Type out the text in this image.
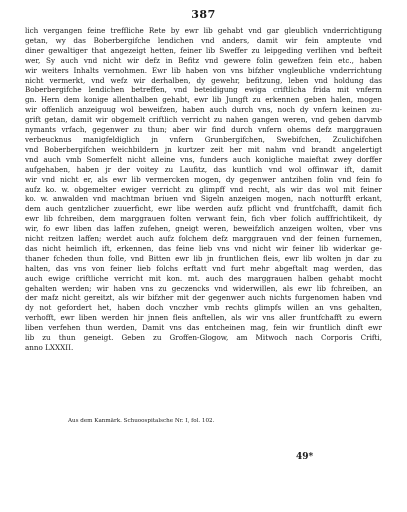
387
lich vergangen feine treffliche Rete by ewr lib gehabt vnd gar gleublich vnderrichtigung
getan, wy das Boberbergifche lendichen vnd anders, damit wir fein ampteute vnd
diner gewaltiger that angezeigt hetten, feiner lib Sweffer zu leipgeding verlihen vnd befteit
wer, Sy auch vnd nicht wir defz in Befitz vnd gewere folin gewefzen fein etc., haben
wir weiters Inhalts vernohmen. Ewr lib haben von vns bifzher vngleubliche vnderrichtung
nicht vermerkt, vnd wefz wir derhalben, dy gewehr, befitzung, leben vnd holdung das
Boberbergifche lendichen betreffen, vnd beteidigung ewiga criftlicha frida mit vnferm
gn. Hern dem konige allenthalben gehabt, ewr lib Jungft zu erkennen geben halen, mogen
wir offenlich anzeiguug wol beweifzen, haben auch durch vns, noch dy vnfern keinen zu-
grift getan, damit wir obgemelt criftlich verricht zu nahen gangen weren, vnd geben darvmb
nymants vrfach, gegenwer zu thun; aber wir find durch vnfern ohems defz marggrauen
verbeucknus manigfeldiglich jn vnfern Grunbergifchen, Swebifchen, Zculichifchen
vnd Boberbergifchen weichbildern jn kurtzer zeit her mit nahm vnd brandt angelertigt
vnd auch vmb Somerfelt nicht alleine vns, funders auch konigliche maieftat zwey dorffer
aufgehaben, haben jr der voitey zu Laufitz, das kuntlich vnd wol offinwar ift, damit
wir vnd nicht er, als ewr lib vermercken mogen, dy gegenwer antzihen folin vnd fein fo
aufz ko. w. obgemelter ewiger verricht zu glimpff vnd recht, als wir das wol mit feiner
ko. w. anwalden vnd machtman briuen vnd Sigeln anzeigen mogen, nach notturfft erkant,
dem auch gentzlicher zuuerficht, ewr libe werden aufz pflicht vnd fruntfchafft, damit fich
ewr lib fchreiben, dem marggrauen folten verwant fein, fich vber folich aufffrichtikeit, dy
wir, fo ewr liben das laffen zufehen, gneigt weren, beweifzlich anzeigen wolten, vber vns
nicht reitzen laffen; werdet auch aufz folchem defz marggrauen vnd der feinen furnemen,
das nicht heimlich ift, erkennen, das feine lieb vns vnd nicht wir feiner lib widerkar ge-
thaner fcheden thun folle, vnd Bitten ewr lib jn fruntlichen fleis, ewr lib wolten jn dar zu
halten, das vns von feiner lieb folchs erftatt vnd furt mehr abgeftalt mag werden, das
auch ewige criftliche verricht mit kon. mt. auch des marggrauen halben gehabt mocht
gehalten werden; wir haben vns zu geczencks vnd widerwillen, als ewr lib fchreiben, an
der mafz nicht gereitzt, als wir bifzher mit der gegenwer auch nichts furgenomen haben vnd
dy not gefordert het, haben doch vnczher vmb rechts glimpfs willen an vns gehalten,
verhofft, ewr liben werden hir jnnen fleis anftellen, als wir vns aller fruntfchafft zu ewern
liben verfehen thun werden, Damit vns das entcheinen mag, fein wir fruntlich dinft ewr
lib zu thun geneigt. Geben zu Groffen-Glogow, am Mitwoch nach Corporis Crifti,
anno LXXXII.
Aus dem Kanmärk. Schuoospitalsche Nr. I, fol. 102.
49*
